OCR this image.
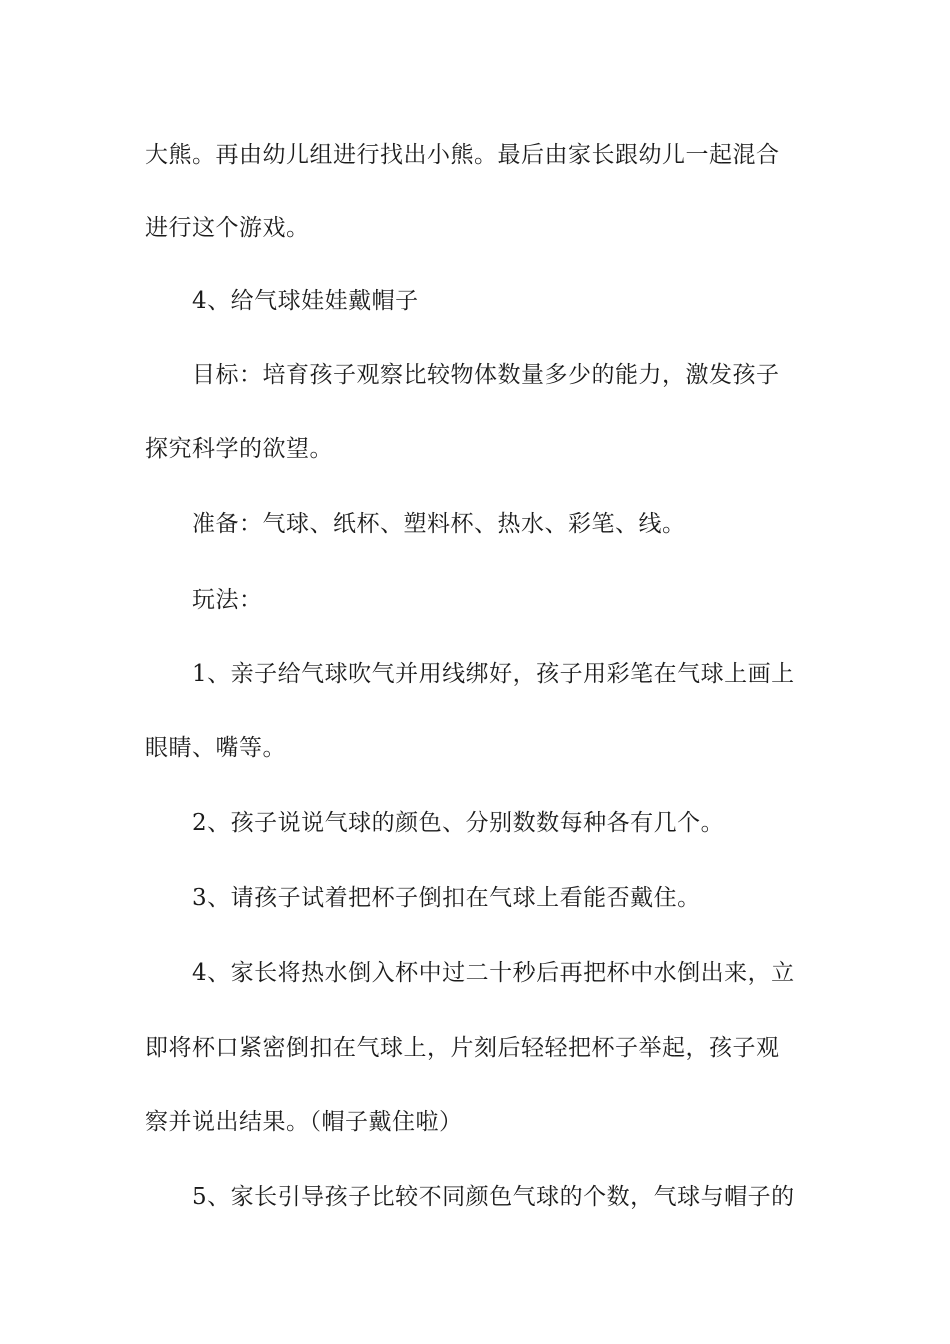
大熊。再由幼儿组进行找出小熊。最后由家长跟幼儿一起混合
进行这个游戏。
4、给气球娃娃戴帽子
目标：培育孩子观察比较物体数量多少的能力，激发孩子
探究科学的欲望。
准备：气球、纸杯、塑料杯、热水、彩笔、线。
玩法：
1、亲子给气球吹气并用线绑好，孩子用彩笔在气球上画上
眼睛、嘴等。
2、孩子说说气球的颜色、分别数数每种各有几个。
3、请孩子试着把杯子倒扣在气球上看能否戴住。
4、家长将热水倒入杯中过二十秒后再把杯中水倒出来，立
即将杯口紧密倒扣在气球上，片刻后轻轻把杯子举起，孩子观
察并说出结果。（帽子戴住啦）
5、家长引导孩子比较不同颜色气球的个数，气球与帽子的
